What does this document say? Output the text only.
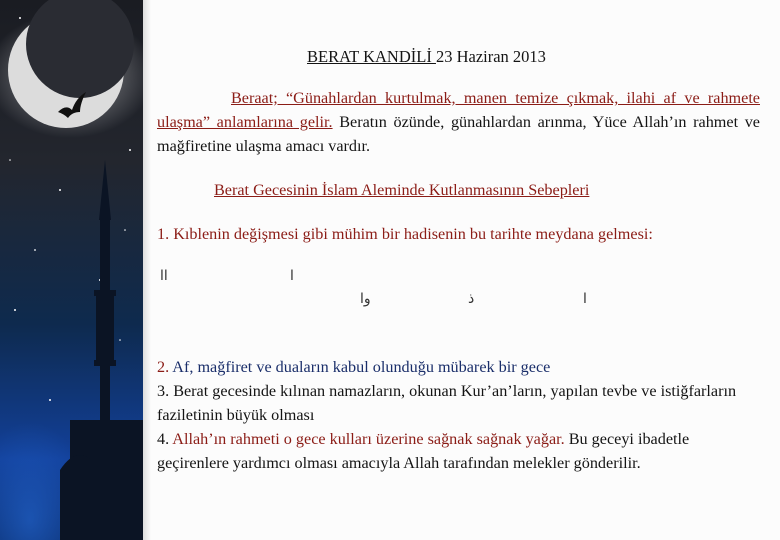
BERAT KANDİLİ 23 Haziran 2013
Beraat; “Günahlardan kurtulmak, manen temize çıkmak, ilahi af ve rahmete ulaşma” anlamlarına gelir. Beratın özünde, günahlardan arınma, Yüce Allah’ın rahmet ve mağfiretine ulaşma amacı vardır.
Berat Gecesinin İslam Aleminde Kutlanmasının Sebepleri
1. Kıblenin değişmesi gibi mühim bir hadisenin bu tarihte meydana gelmesi:
اا	ا
وا	ذ	ا
2. Af, mağfiret ve duaların kabul olunduğu mübarek bir gece
3. Berat gecesinde kılınan namazların, okunan Kur’an’ların, yapılan tevbe ve istiğfarların faziletinin büyük olması
4. Allah’ın rahmeti o gece kulları üzerine sağnak sağnak yağar. Bu geceyi ibadetle geçirenlere yardımcı olması amacıyla Allah tarafından melekler gönderilir.
